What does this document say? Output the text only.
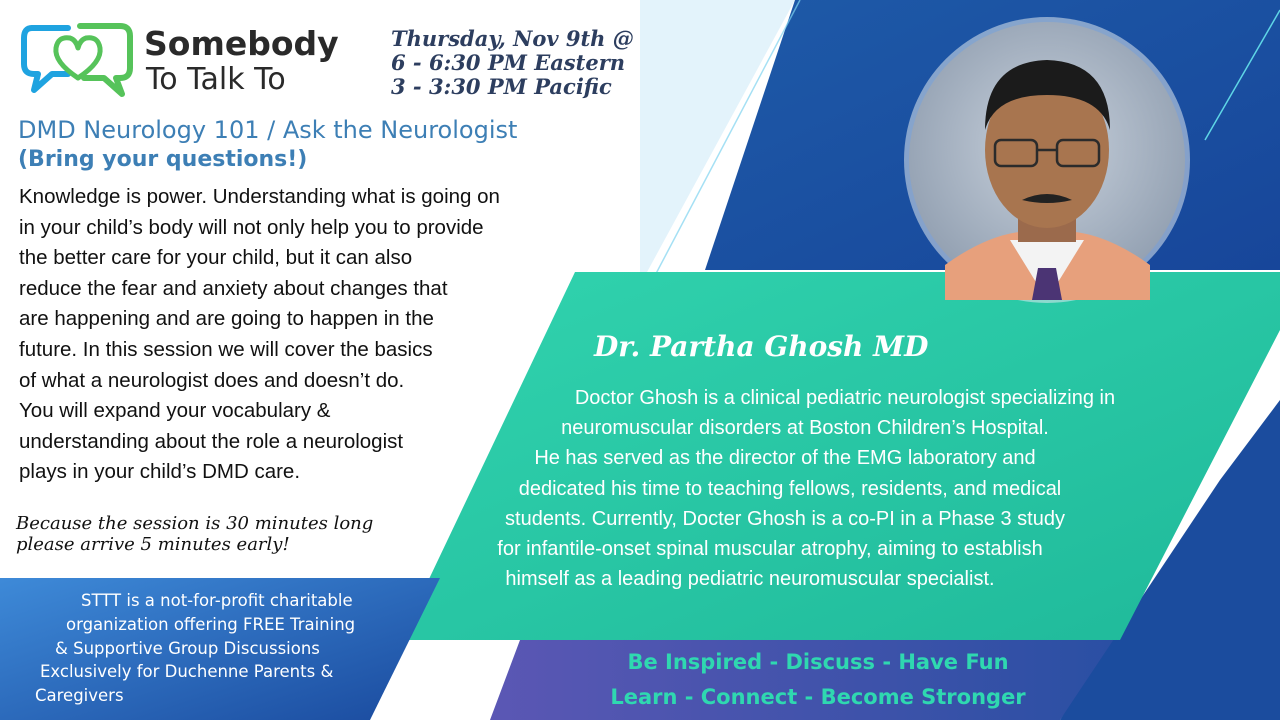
Somebody
To Talk To
Thursday, Nov 9th @
6 - 6:30 PM Eastern
3 - 3:30 PM Pacific
DMD Neurology 101 / Ask the Neurologist
(Bring your questions!)
Knowledge is power. Understanding what is going on
in your child’s body will not only help you to provide
the better care for your child, but it can also
reduce the fear and anxiety about changes that
are happening and are going to happen in the
future. In this session we will cover the basics
of what a neurologist does and doesn’t do.
You will expand your vocabulary &
understanding about the role a neurologist
plays in your child’s DMD care.
Because the session is 30 minutes long
please arrive 5 minutes early!
Dr. Partha Ghosh MD
Doctor Ghosh is a clinical pediatric neurologist specializing in
neuromuscular disorders at Boston Children’s Hospital.
He has served as the director of the EMG laboratory and
dedicated his time to teaching fellows, residents, and medical
students. Currently, Docter Ghosh is a co-PI in a Phase 3 study
for infantile-onset spinal muscular atrophy, aiming to establish
himself as a leading pediatric neuromuscular specialist.
STTT is a not-for-profit charitable
organization offering FREE Training
& Supportive Group Discussions
Exclusively for Duchenne Parents &
Caregivers
Be Inspired - Discuss - Have Fun
Learn - Connect - Become Stronger
